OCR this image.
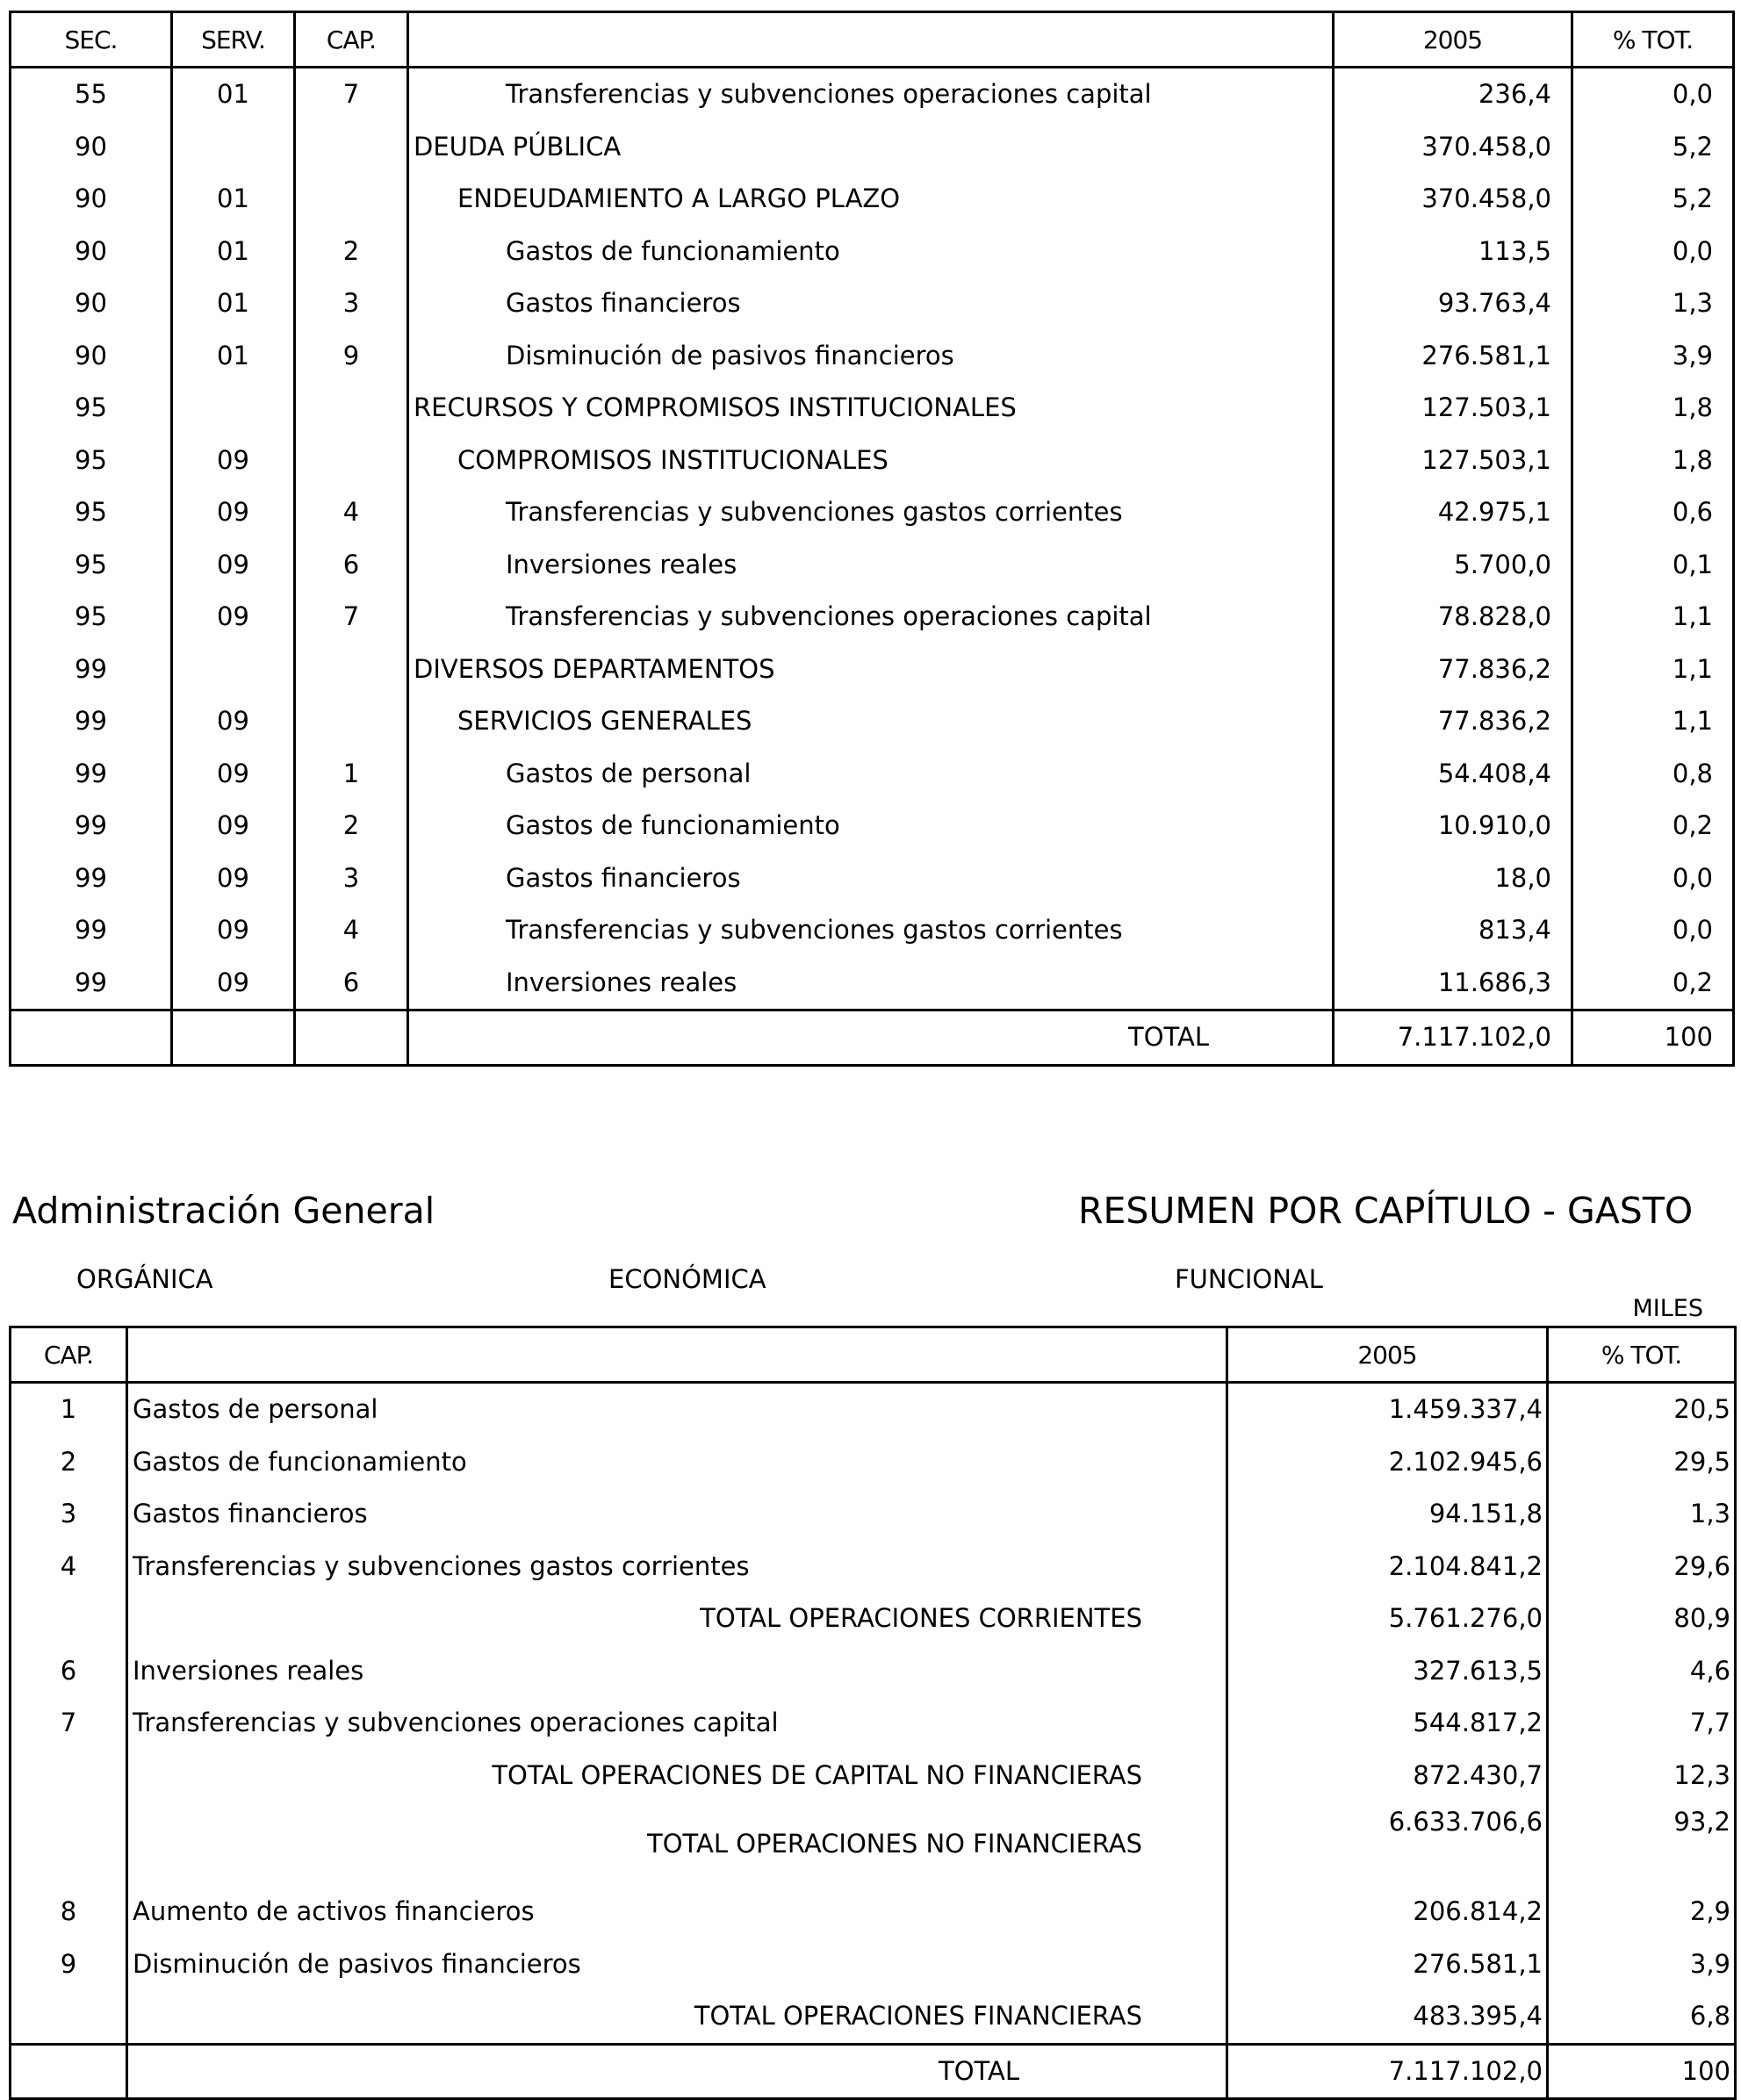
SEC.	SERV.	CAP.		2005	% TOT.
55	01	7	Transferencias y subvenciones operaciones capital	236,4	0,0
90			DEUDA PÚBLICA	370.458,0	5,2
90	01		ENDEUDAMIENTO A LARGO PLAZO	370.458,0	5,2
90	01	2	Gastos de funcionamiento	113,5	0,0
90	01	3	Gastos financieros	93.763,4	1,3
90	01	9	Disminución de pasivos financieros	276.581,1	3,9
95			RECURSOS Y COMPROMISOS INSTITUCIONALES	127.503,1	1,8
95	09		COMPROMISOS INSTITUCIONALES	127.503,1	1,8
95	09	4	Transferencias y subvenciones gastos corrientes	42.975,1	0,6
95	09	6	Inversiones reales	5.700,0	0,1
95	09	7	Transferencias y subvenciones operaciones capital	78.828,0	1,1
99			DIVERSOS DEPARTAMENTOS	77.836,2	1,1
99	09		SERVICIOS GENERALES	77.836,2	1,1
99	09	1	Gastos de personal	54.408,4	0,8
99	09	2	Gastos de funcionamiento	10.910,0	0,2
99	09	3	Gastos financieros	18,0	0,0
99	09	4	Transferencias y subvenciones gastos corrientes	813,4	0,0
99	09	6	Inversiones reales	11.686,3	0,2
			TOTAL	7.117.102,0	100
Administración General	RESUMEN POR CAPÍTULO - GASTO
ORGÁNICA	ECONÓMICA	FUNCIONAL
MILES
CAP.		2005	% TOT.
1	Gastos de personal	1.459.337,4	20,5
2	Gastos de funcionamiento	2.102.945,6	29,5
3	Gastos financieros	94.151,8	1,3
4	Transferencias y subvenciones gastos corrientes	2.104.841,2	29,6
	TOTAL OPERACIONES CORRIENTES	5.761.276,0	80,9
6	Inversiones reales	327.613,5	4,6
7	Transferencias y subvenciones operaciones capital	544.817,2	7,7
	TOTAL OPERACIONES DE CAPITAL NO FINANCIERAS	872.430,7	12,3
	TOTAL OPERACIONES NO FINANCIERAS	6.633.706,6	93,2
8	Aumento de activos financieros	206.814,2	2,9
9	Disminución de pasivos financieros	276.581,1	3,9
	TOTAL OPERACIONES FINANCIERAS	483.395,4	6,8
	TOTAL	7.117.102,0	100
